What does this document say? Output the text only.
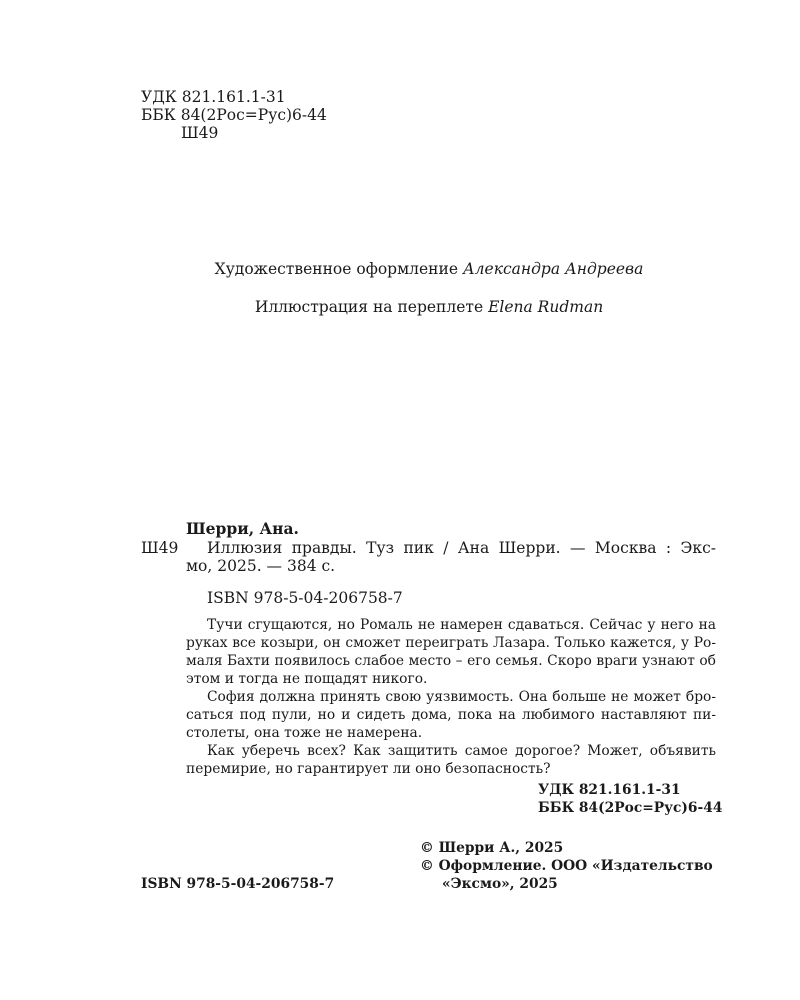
УДК 821.161.1-31
ББК 84(2Рос=Рус)6-44
Ш49
Художественное оформление Александра Андреева
Иллюстрация на переплете Elena Rudman
Шерри, Ана.
Ш49 Иллюзия правды. Туз пик / Ана Шерри. — Москва : Экс-
мо, 2025. — 384 с.
ISBN 978-5-04-206758-7
Тучи сгущаются, но Ромаль не намерен сдаваться. Сейчас у него на
руках все козыри, он сможет переиграть Лазара. Только кажется, у Ро-
маля Бахти появилось слабое место – его семья. Скоро враги узнают об
этом и тогда не пощадят никого.
София должна принять свою уязвимость. Она больше не может бро-
саться под пули, но и сидеть дома, пока на любимого наставляют пи-
столеты, она тоже не намерена.
Как уберечь всех? Как защитить самое дорогое? Может, объявить
перемирие, но гарантирует ли оно безопасность?
УДК 821.161.1-31
ББК 84(2Рос=Рус)6-44
© Шерри А., 2025
© Оформление. ООО «Издательство
ISBN 978-5-04-206758-7	«Эксмо», 2025
